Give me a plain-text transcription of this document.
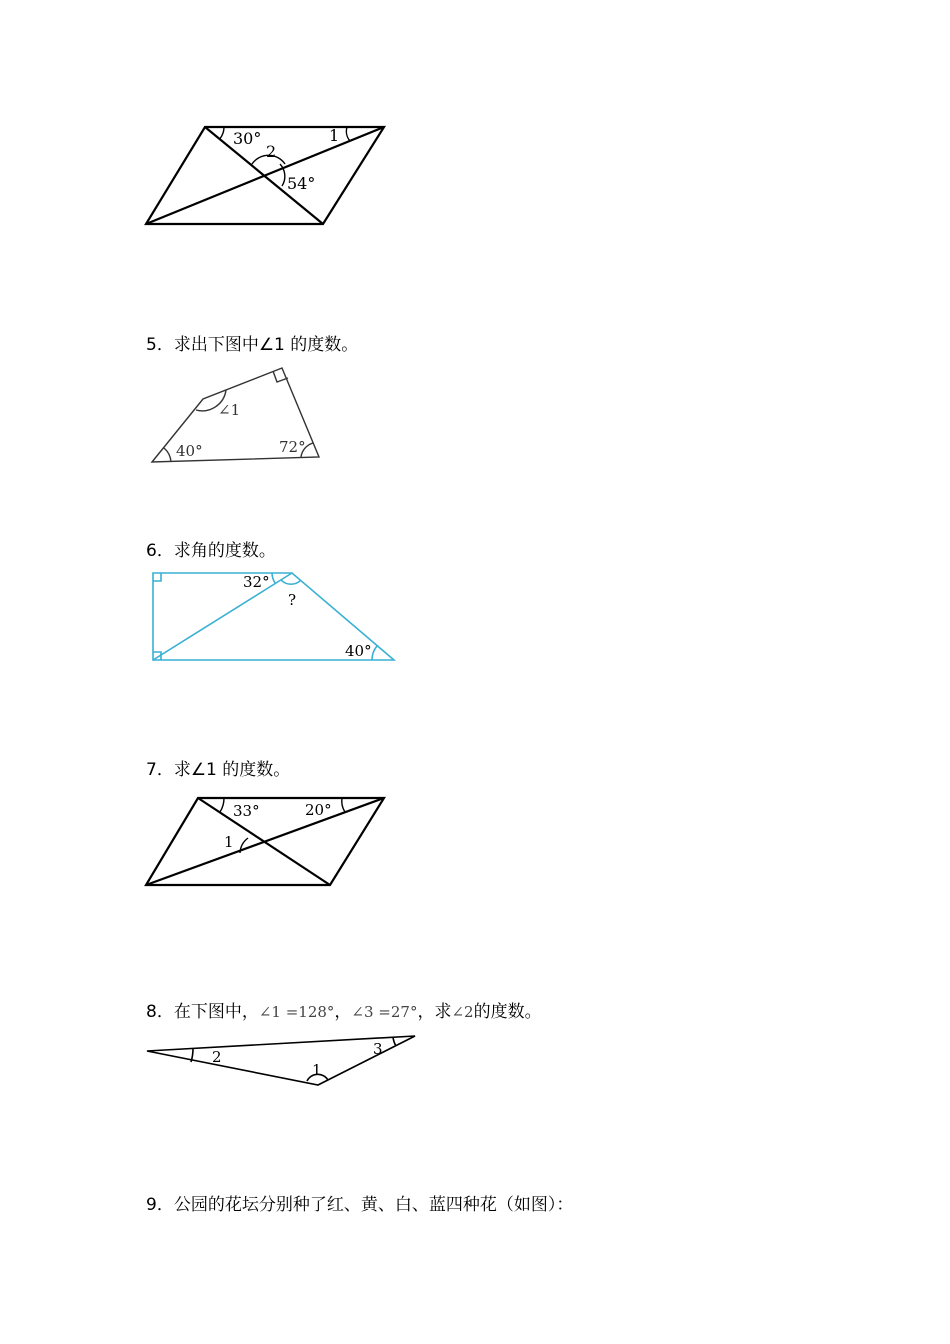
30°	1
2
54°
5．求出下图中∠1 的度数。
∠1
40°	72°
6．求角的度数。
32°
?
40°
7．求∠1 的度数。
33°	20°
1
8．在下图中，∠1 =128°，∠3 =27°，求∠2的度数。
2
1
3
9．公园的花坛分别种了红、黄、白、蓝四种花（如图）：
